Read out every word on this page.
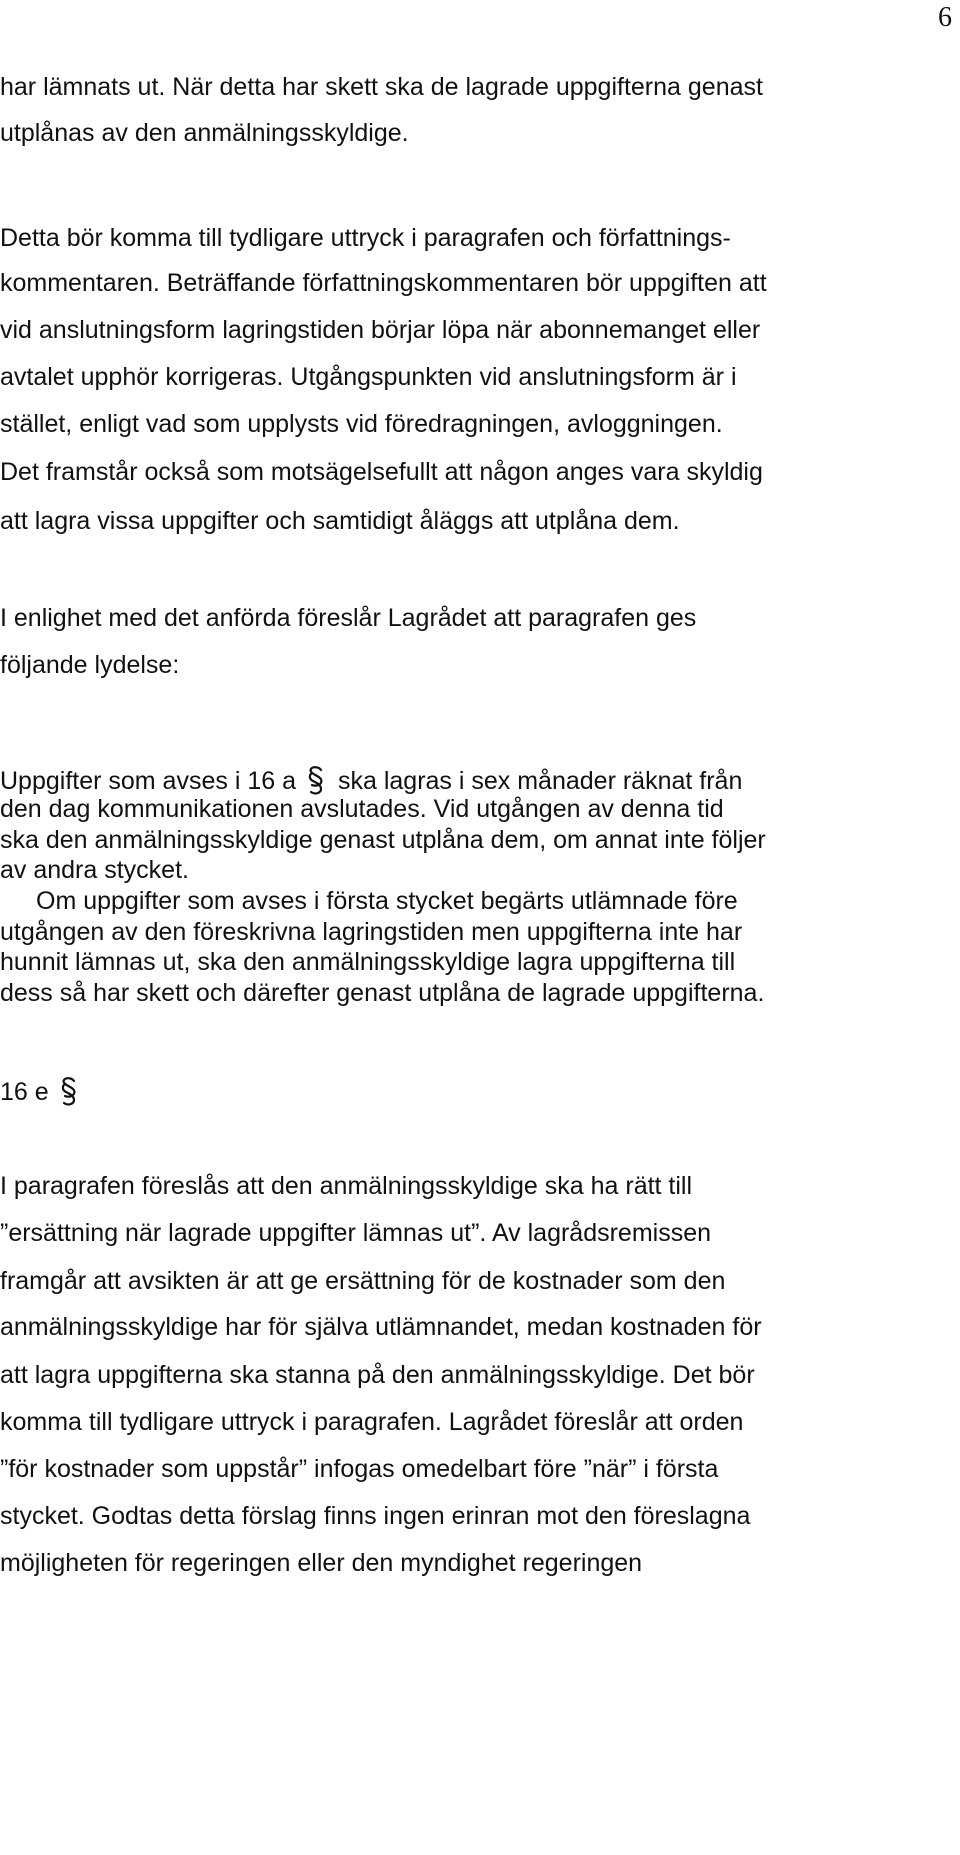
6
har lämnats ut. När detta har skett ska de lagrade uppgifterna genast
utplånas av den anmälningsskyldige.
Detta bör komma till tydligare uttryck i paragrafen och författnings-
kommentaren. Beträffande författningskommentaren bör uppgiften att
vid anslutningsform lagringstiden börjar löpa när abonnemanget eller
avtalet upphör korrigeras. Utgångspunkten vid anslutningsform är i
stället, enligt vad som upplysts vid föredragningen, avloggningen.
Det framstår också som motsägelsefullt att någon anges vara skyldig
att lagra vissa uppgifter och samtidigt åläggs att utplåna dem.
I enlighet med det anförda föreslår Lagrådet att paragrafen ges
följande lydelse:
Uppgifter som avses i 16 a ska lagras i sex månader räknat från
den dag kommunikationen avslutades. Vid utgången av denna tid
ska den anmälningsskyldige genast utplåna dem, om annat inte följer
av andra stycket.
Om uppgifter som avses i första stycket begärts utlämnade före
utgången av den föreskrivna lagringstiden men uppgifterna inte har
hunnit lämnas ut, ska den anmälningsskyldige lagra uppgifterna till
dess så har skett och därefter genast utplåna de lagrade uppgifterna.
16 e
I paragrafen föreslås att den anmälningsskyldige ska ha rätt till
”ersättning när lagrade uppgifter lämnas ut”. Av lagrådsremissen
framgår att avsikten är att ge ersättning för de kostnader som den
anmälningsskyldige har för själva utlämnandet, medan kostnaden för
att lagra uppgifterna ska stanna på den anmälningsskyldige. Det bör
komma till tydligare uttryck i paragrafen. Lagrådet föreslår att orden
”för kostnader som uppstår” infogas omedelbart före ”när” i första
stycket. Godtas detta förslag finns ingen erinran mot den föreslagna
möjligheten för regeringen eller den myndighet regeringen
